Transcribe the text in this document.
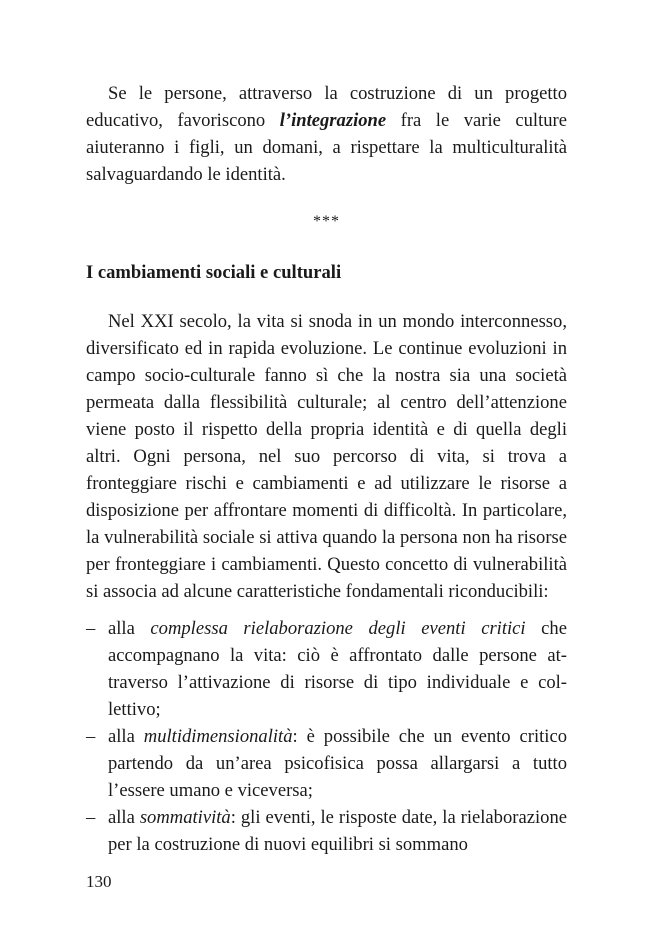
Se le persone, attraverso la costruzione di un progetto educativo, favoriscono l’integrazione fra le varie culture aiuteranno i figli, un domani, a rispettare la multiculturalità salvaguardando le identità.

***
I cambiamenti sociali e culturali

Nel XXI secolo, la vita si snoda in un mondo interconnesso, diversificato ed in rapida evoluzione. Le continue evoluzioni in campo socio-culturale fanno sì che la nostra sia una società permeata dalla flessibilità culturale; al centro dell’attenzione viene posto il rispetto della propria identità e di quella degli altri. Ogni persona, nel suo percorso di vita, si trova a fronteggiare rischi e cambiamenti e ad utilizzare le risorse a disposizione per affrontare momenti di difficoltà. In particolare, la vulnerabilità sociale si attiva quando la persona non ha risorse per fronteggiare i cambiamenti. Questo concetto di vulnerabilità si associa ad alcune caratteristiche fondamentali riconducibili:

– alla complessa rielaborazione degli eventi critici che accompagnano la vita: ciò è affrontato dalle persone attraverso l’attivazione di risorse di tipo individuale e collettivo;
– alla multidimensionalità: è possibile che un evento critico partendo da un’area psicofisica possa allargarsi a tutto l’essere umano e viceversa;
– alla sommatività: gli eventi, le risposte date, la rielaborazione per la costruzione di nuovi equilibri si sommano
130
